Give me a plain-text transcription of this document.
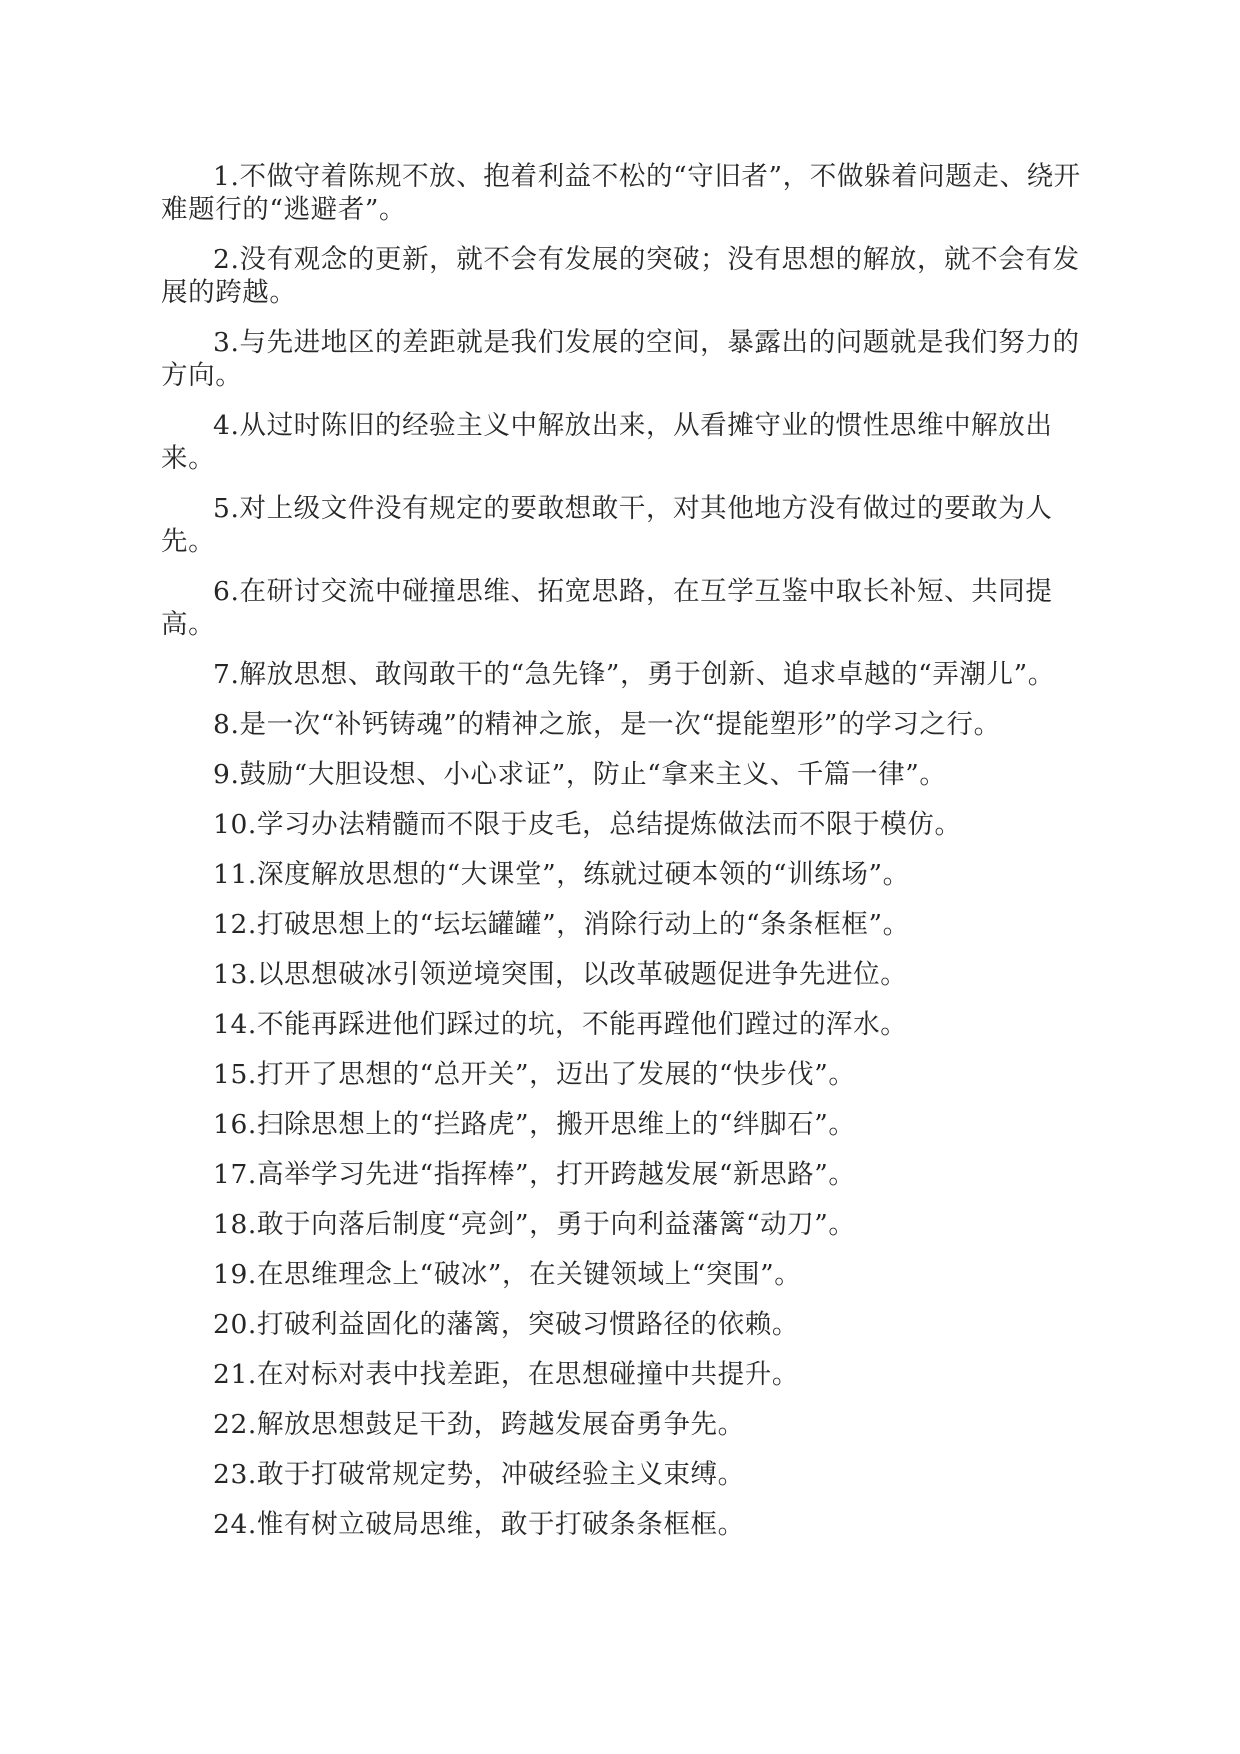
1.不做守着陈规不放、抱着利益不松的“守旧者”，不做躲着问题走、绕开难题行的“逃避者”。

2.没有观念的更新，就不会有发展的突破；没有思想的解放，就不会有发展的跨越。

3.与先进地区的差距就是我们发展的空间，暴露出的问题就是我们努力的方向。

4.从过时陈旧的经验主义中解放出来，从看摊守业的惯性思维中解放出来。

5.对上级文件没有规定的要敢想敢干，对其他地方没有做过的要敢为人先。

6.在研讨交流中碰撞思维、拓宽思路，在互学互鉴中取长补短、共同提高。

7.解放思想、敢闯敢干的“急先锋”，勇于创新、追求卓越的“弄潮儿”。

8.是一次“补钙铸魂”的精神之旅，是一次“提能塑形”的学习之行。

9.鼓励“大胆设想、小心求证”，防止“拿来主义、千篇一律”。

10.学习办法精髓而不限于皮毛，总结提炼做法而不限于模仿。

11.深度解放思想的“大课堂”，练就过硬本领的“训练场”。

12.打破思想上的“坛坛罐罐”，消除行动上的“条条框框”。

13.以思想破冰引领逆境突围，以改革破题促进争先进位。

14.不能再踩进他们踩过的坑，不能再蹚他们蹚过的浑水。

15.打开了思想的“总开关”，迈出了发展的“快步伐”。

16.扫除思想上的“拦路虎”，搬开思维上的“绊脚石”。

17.高举学习先进“指挥棒”，打开跨越发展“新思路”。

18.敢于向落后制度“亮剑”，勇于向利益藩篱“动刀”。

19.在思维理念上“破冰”，在关键领域上“突围”。

20.打破利益固化的藩篱，突破习惯路径的依赖。

21.在对标对表中找差距，在思想碰撞中共提升。

22.解放思想鼓足干劲，跨越发展奋勇争先。

23.敢于打破常规定势，冲破经验主义束缚。

24.惟有树立破局思维，敢于打破条条框框。
